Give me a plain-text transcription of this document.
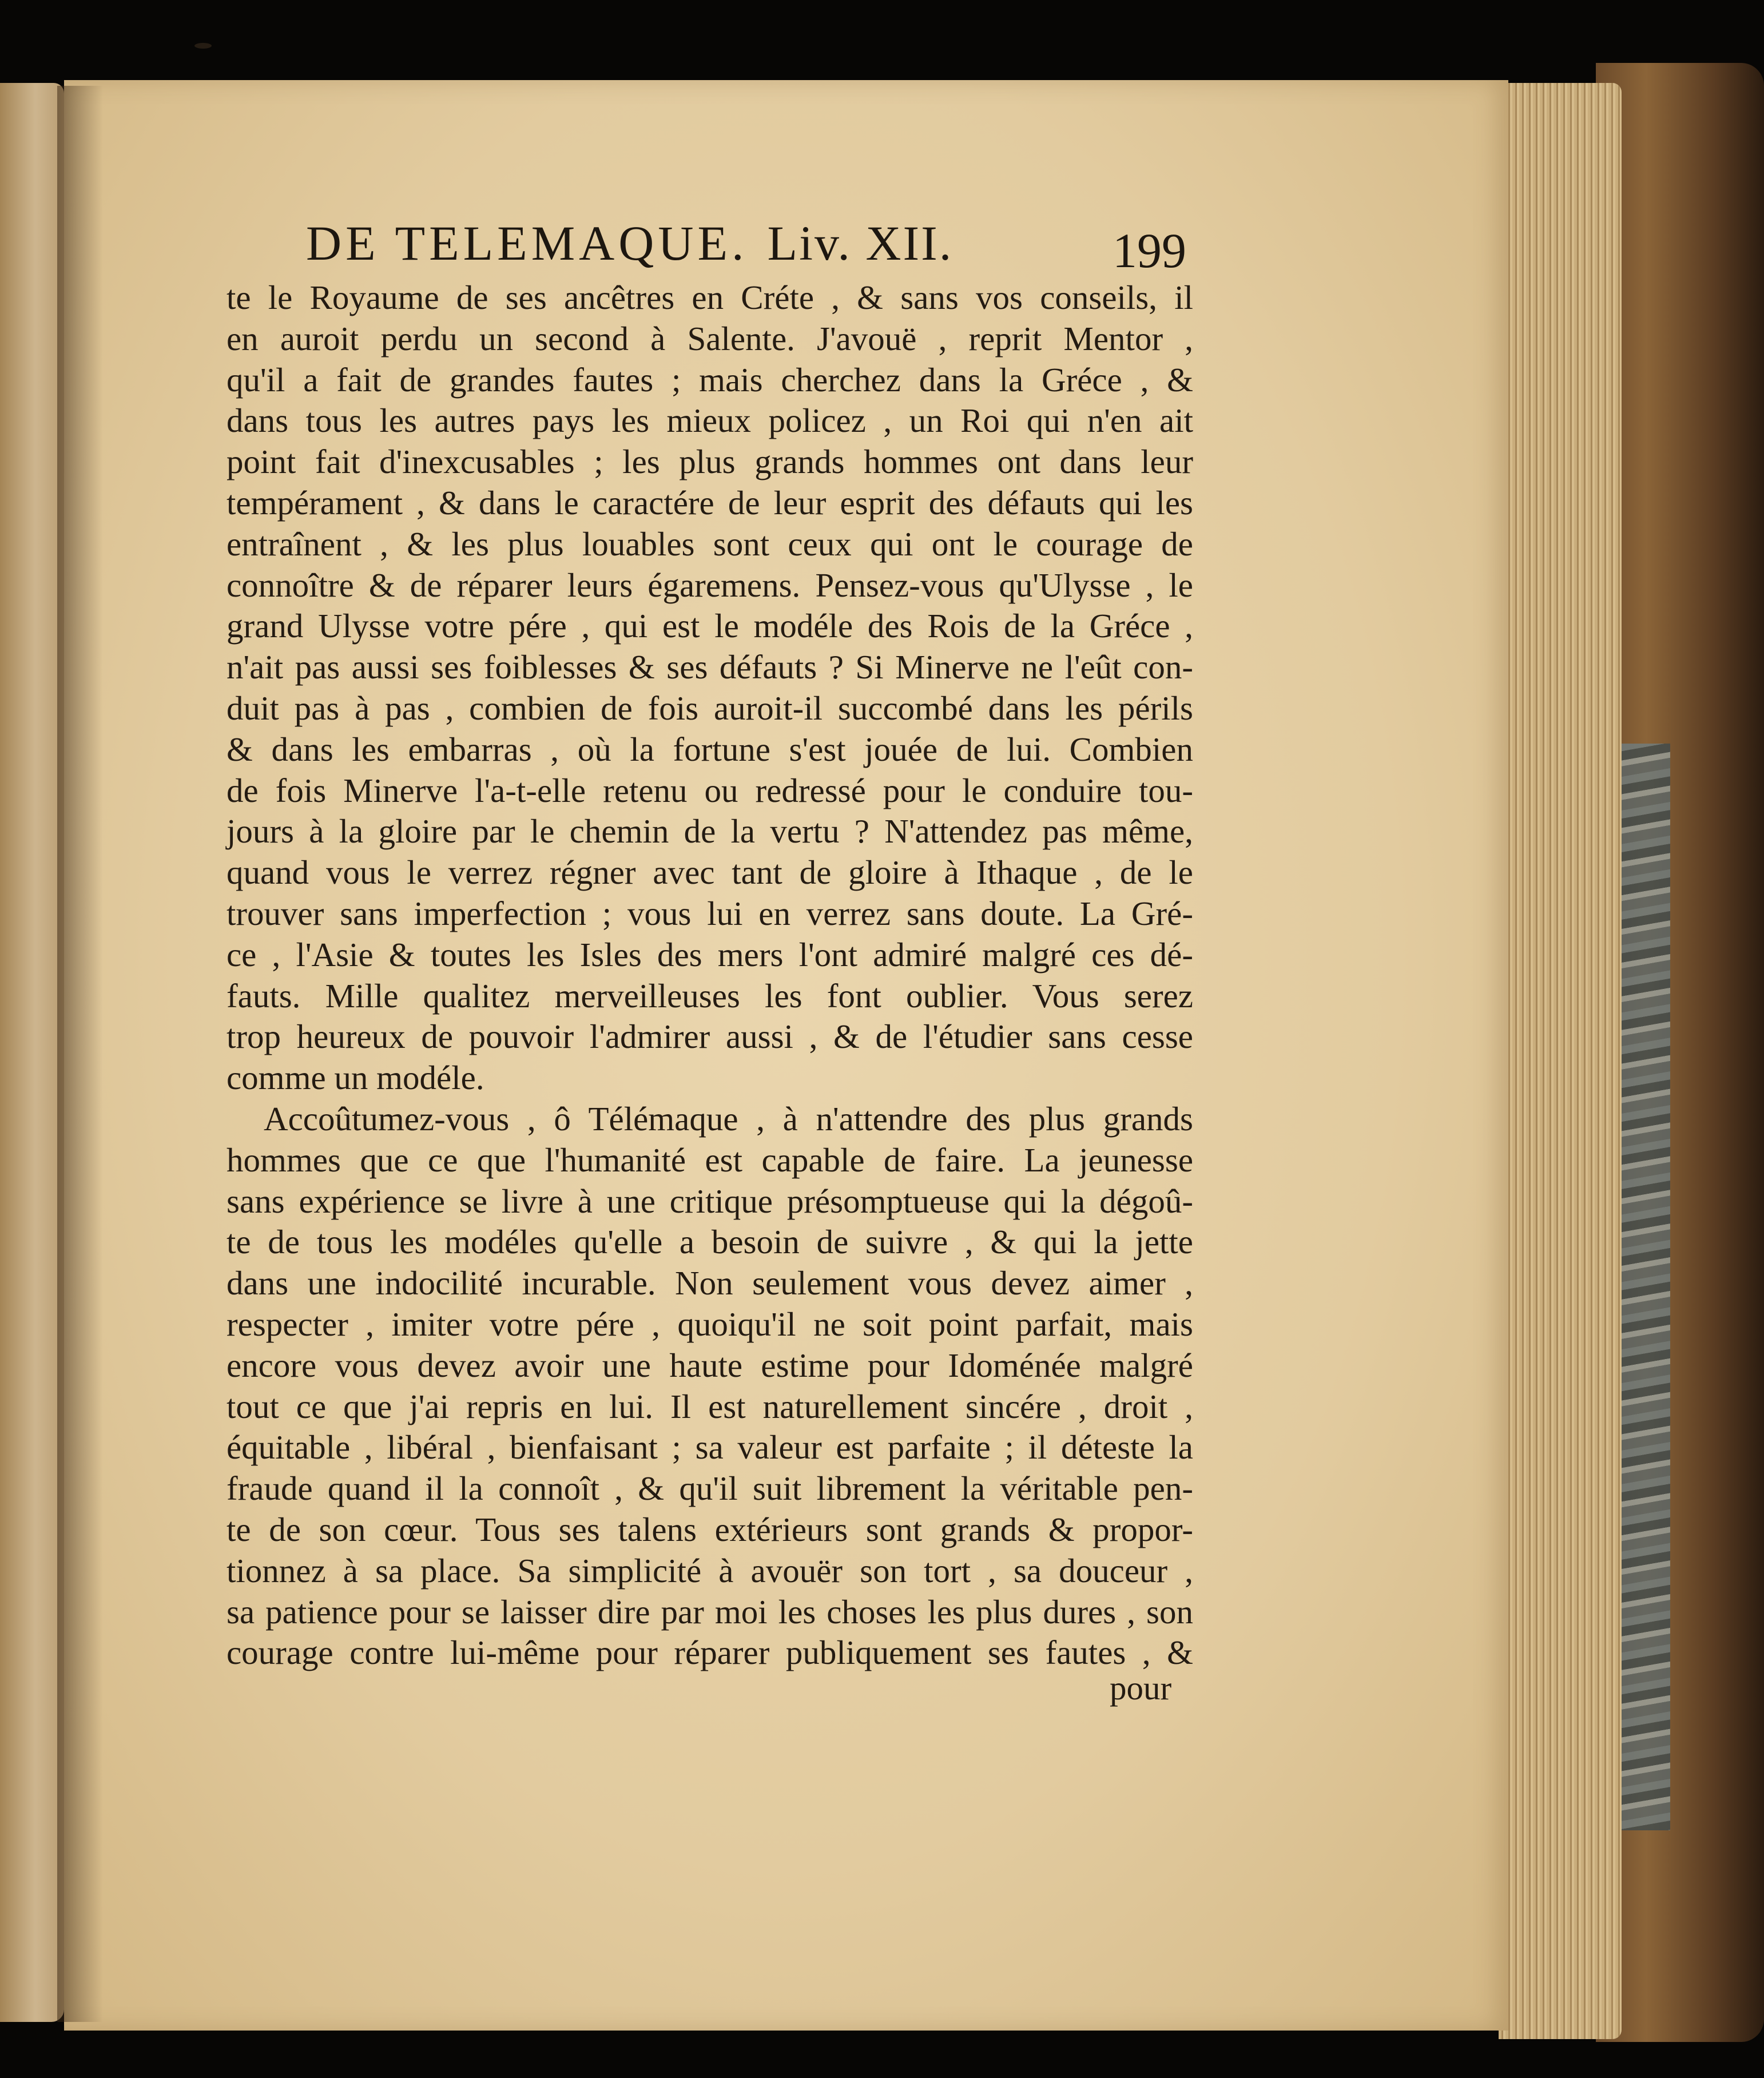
DE TELEMAQUE. Liv. XII.	199
te le Royaume de ses ancêtres en Créte , & sans vos conseils, il
en auroit perdu un second à Salente. J'avouë , reprit Mentor ,
qu'il a fait de grandes fautes ; mais cherchez dans la Gréce , &
dans tous les autres pays les mieux policez , un Roi qui n'en ait
point fait d'inexcusables ; les plus grands hommes ont dans leur
tempérament , & dans le caractére de leur esprit des défauts qui les
entraînent , & les plus louables sont ceux qui ont le courage de
connoître & de réparer leurs égaremens. Pensez-vous qu'Ulysse , le
grand Ulysse votre pére , qui est le modéle des Rois de la Gréce ,
n'ait pas aussi ses foiblesses & ses défauts ? Si Minerve ne l'eût con-
duit pas à pas , combien de fois auroit-il succombé dans les périls
& dans les embarras , où la fortune s'est jouée de lui. Combien
de fois Minerve l'a-t-elle retenu ou redressé pour le conduire tou-
jours à la gloire par le chemin de la vertu ? N'attendez pas même,
quand vous le verrez régner avec tant de gloire à Ithaque , de le
trouver sans imperfection ; vous lui en verrez sans doute. La Gré-
ce , l'Asie & toutes les Isles des mers l'ont admiré malgré ces dé-
fauts. Mille qualitez merveilleuses les font oublier. Vous serez
trop heureux de pouvoir l'admirer aussi , & de l'étudier sans cesse
comme un modéle.
Accoûtumez-vous , ô Télémaque , à n'attendre des plus grands
hommes que ce que l'humanité est capable de faire. La jeunesse
sans expérience se livre à une critique présomptueuse qui la dégoû-
te de tous les modéles qu'elle a besoin de suivre , & qui la jette
dans une indocilité incurable. Non seulement vous devez aimer ,
respecter , imiter votre pére , quoiqu'il ne soit point parfait, mais
encore vous devez avoir une haute estime pour Idoménée malgré
tout ce que j'ai repris en lui. Il est naturellement sincére , droit ,
équitable , libéral , bienfaisant ; sa valeur est parfaite ; il déteste la
fraude quand il la connoît , & qu'il suit librement la véritable pen-
te de son cœur. Tous ses talens extérieurs sont grands & propor-
tionnez à sa place. Sa simplicité à avouër son tort , sa douceur ,
sa patience pour se laisser dire par moi les choses les plus dures , son
courage contre lui-même pour réparer publiquement ses fautes , &
pour
